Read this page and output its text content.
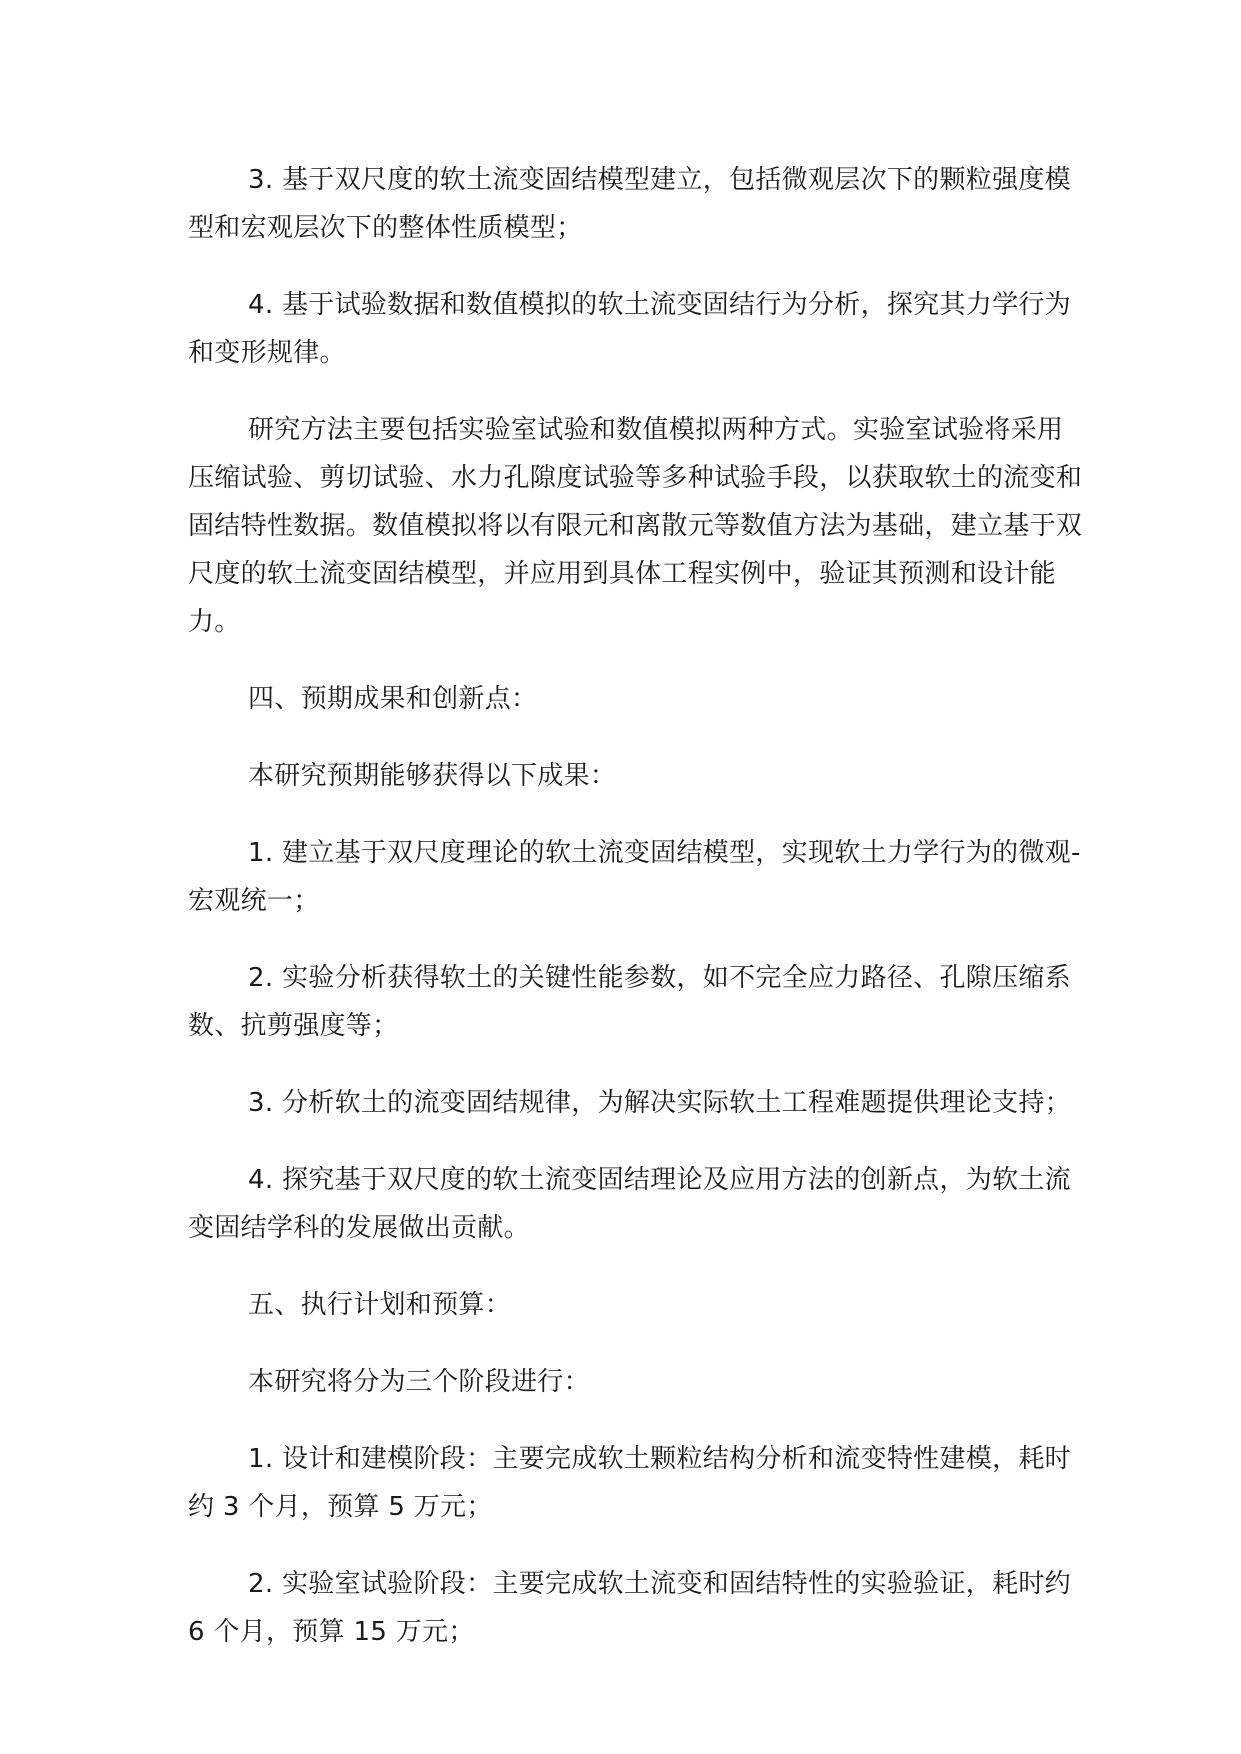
3. 基于双尺度的软土流变固结模型建立，包括微观层次下的颗粒强度模型和宏观层次下的整体性质模型；

4. 基于试验数据和数值模拟的软土流变固结行为分析，探究其力学行为和变形规律。

研究方法主要包括实验室试验和数值模拟两种方式。实验室试验将采用压缩试验、剪切试验、水力孔隙度试验等多种试验手段，以获取软土的流变和固结特性数据。数值模拟将以有限元和离散元等数值方法为基础，建立基于双尺度的软土流变固结模型，并应用到具体工程实例中，验证其预测和设计能力。

四、预期成果和创新点：

本研究预期能够获得以下成果：

1. 建立基于双尺度理论的软土流变固结模型，实现软土力学行为的微观-宏观统一；

2. 实验分析获得软土的关键性能参数，如不完全应力路径、孔隙压缩系数、抗剪强度等；

3. 分析软土的流变固结规律，为解决实际软土工程难题提供理论支持；

4. 探究基于双尺度的软土流变固结理论及应用方法的创新点，为软土流变固结学科的发展做出贡献。

五、执行计划和预算：

本研究将分为三个阶段进行：

1. 设计和建模阶段：主要完成软土颗粒结构分析和流变特性建模，耗时约 3 个月，预算 5 万元；

2. 实验室试验阶段：主要完成软土流变和固结特性的实验验证，耗时约 6 个月，预算 15 万元；
